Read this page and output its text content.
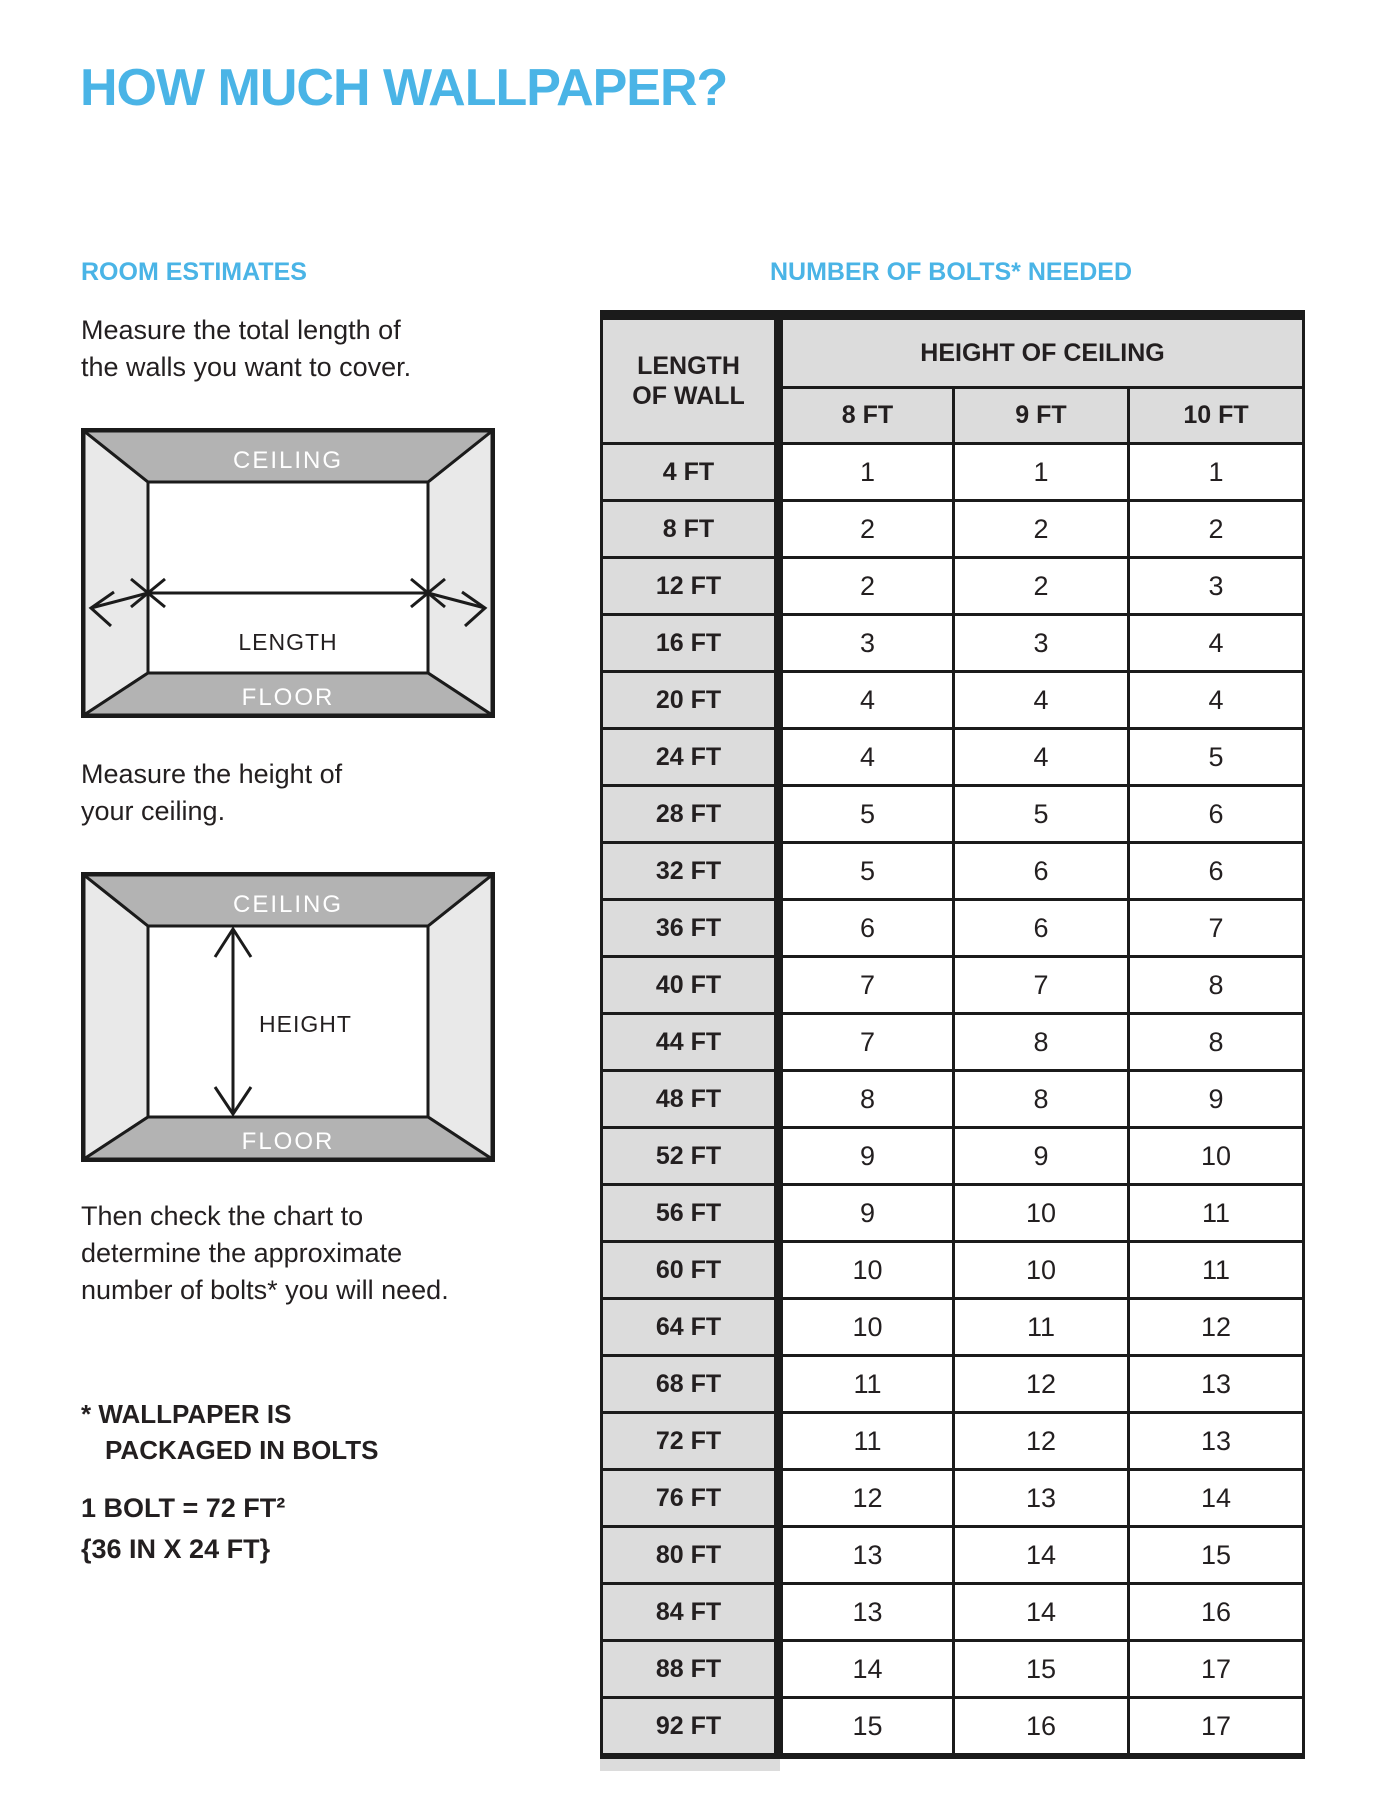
HOW MUCH WALLPAPER?
ROOM ESTIMATES	NUMBER OF BOLTS* NEEDED
Measure the total length of
the walls you want to cover.
CEILING
FLOOR
LENGTH
Measure the height of
your ceiling.
CEILING
FLOOR
HEIGHT
Then check the chart to
determine the approximate
number of bolts* you will need.
* WALLPAPER IS
PACKAGED IN BOLTS
1 BOLT = 72 FT²
{36 IN X 24 FT}
LENGTH
OF WALL	HEIGHT OF CEILING		
	8 FT	9 FT	10 FT
4 FT	1	1	1
8 FT	2	2	2
12 FT	2	2	3
16 FT	3	3	4
20 FT	4	4	4
24 FT	4	4	5
28 FT	5	5	6
32 FT	5	6	6
36 FT	6	6	7
40 FT	7	7	8
44 FT	7	8	8
48 FT	8	8	9
52 FT	9	9	10
56 FT	9	10	11
60 FT	10	10	11
64 FT	10	11	12
68 FT	11	12	13
72 FT	11	12	13
76 FT	12	13	14
80 FT	13	14	15
84 FT	13	14	16
88 FT	14	15	17
92 FT	15	16	17
